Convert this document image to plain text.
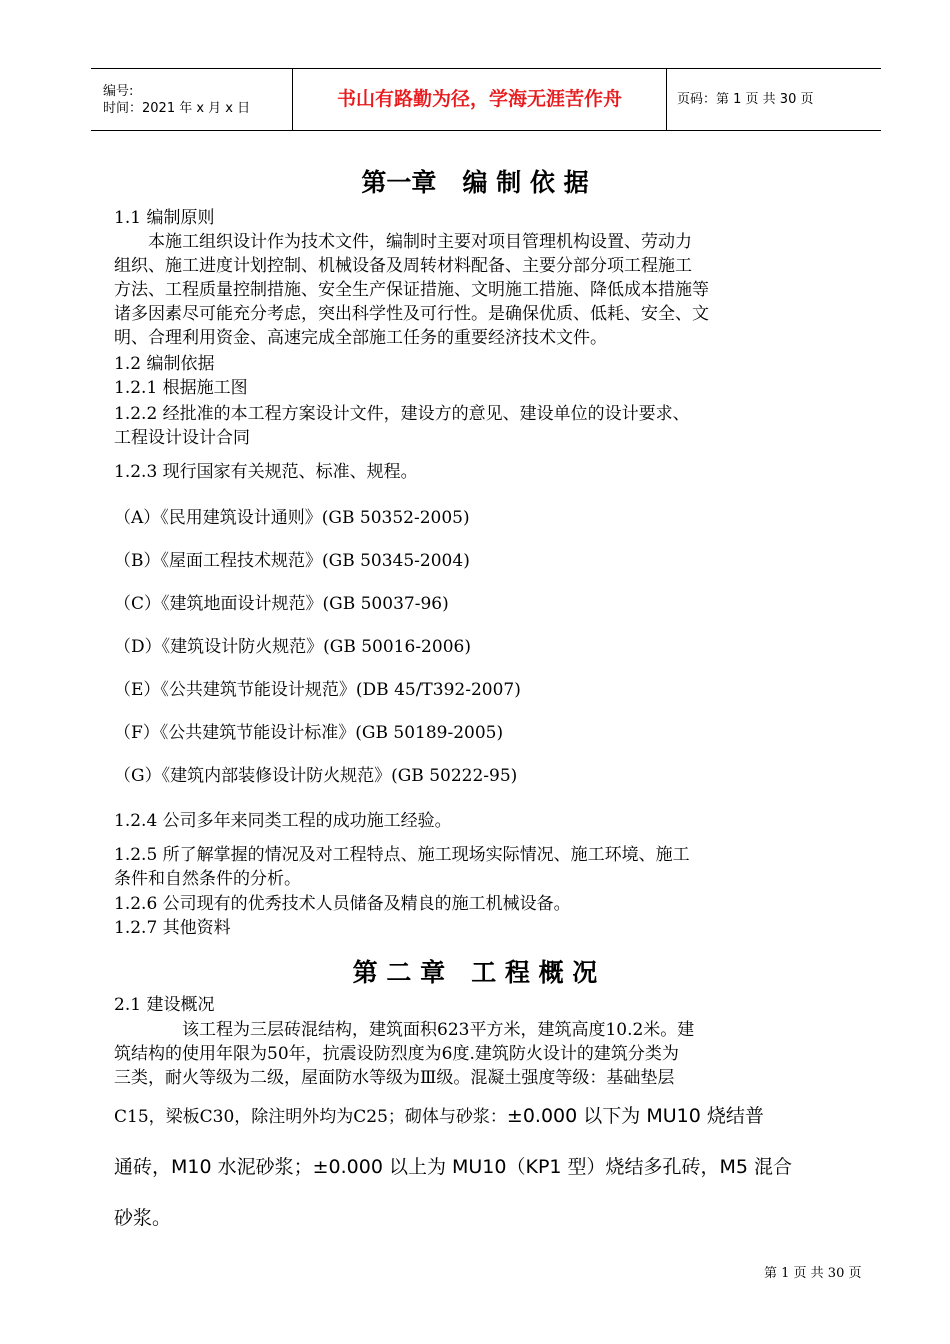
编号:
时间：2021 年 x 月 x 日	书山有路勤为径，学海无涯苦作舟	页码：第 1 页 共 30 页
第一章   编 制 依 据
1.1 编制原则
　　本施工组织设计作为技术文件，编制时主要对项目管理机构设置、劳动力
组织、施工进度计划控制、机械设备及周转材料配备、主要分部分项工程施工
方法、工程质量控制措施、安全生产保证措施、文明施工措施、降低成本措施等
诸多因素尽可能充分考虑，突出科学性及可行性。是确保优质、低耗、安全、文
明、合理利用资金、高速完成全部施工任务的重要经济技术文件。
1.2 编制依据
1.2.1 根据施工图
1.2.2 经批准的本工程方案设计文件，建设方的意见、建设单位的设计要求、
工程设计设计合同
1.2.3 现行国家有关规范、标准、规程。
（A）《民用建筑设计通则》(GB 50352-2005)
（B）《屋面工程技术规范》(GB 50345-2004)
（C）《建筑地面设计规范》(GB 50037-96)
（D）《建筑设计防火规范》(GB 50016-2006)
（E）《公共建筑节能设计规范》(DB 45/T392-2007)
（F）《公共建筑节能设计标准》(GB 50189-2005)
（G）《建筑内部装修设计防火规范》(GB 50222-95)
1.2.4 公司多年来同类工程的成功施工经验。
1.2.5 所了解掌握的情况及对工程特点、施工现场实际情况、施工环境、施工
条件和自然条件的分析。
1.2.6 公司现有的优秀技术人员储备及精良的施工机械设备。
1.2.7 其他资料
第 二 章   工 程 概 况
2.1 建设概况
　　　　该工程为三层砖混结构，建筑面积623平方米，建筑高度10.2米。建
筑结构的使用年限为50年，抗震设防烈度为6度.建筑防火设计的建筑分类为
三类，耐火等级为二级，屋面防水等级为Ⅲ级。混凝土强度等级：基础垫层
C15，梁板C30，除注明外均为C25；砌体与砂浆：±0.000 以下为 MU10 烧结普
通砖，M10 水泥砂浆；±0.000 以上为 MU10（KP1 型）烧结多孔砖，M5 混合
砂浆。
第 1 页 共 30 页
